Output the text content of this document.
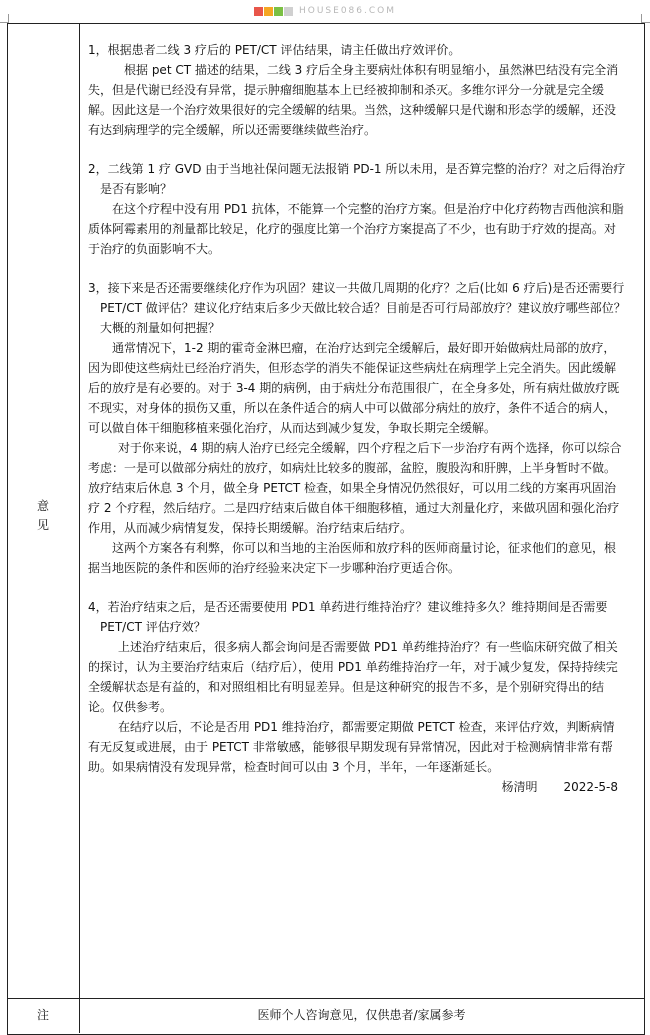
HOUSE086.COM
意
见

1，根据患者二线 3 疗后的 PET/CT 评估结果，请主任做出疗效评价。

根据 pet CT 描述的结果，二线 3 疗后全身主要病灶体积有明显缩小，虽然淋巴结没有完全消失，但是代谢已经没有异常，提示肿瘤细胞基本上已经被抑制和杀灭。多维尔评分一分就是完全缓解。因此这是一个治疗效果很好的完全缓解的结果。当然，这种缓解只是代谢和形态学的缓解，还没有达到病理学的完全缓解，所以还需要继续做些治疗。

2，二线第 1 疗 GVD 由于当地社保问题无法报销 PD-1 所以未用，是否算完整的治疗？对之后得治疗是否有影响？

在这个疗程中没有用 PD1 抗体，不能算一个完整的治疗方案。但是治疗中化疗药物吉西他滨和脂质体阿霉素用的剂量都比较足，化疗的强度比第一个治疗方案提高了不少，也有助于疗效的提高。对于治疗的负面影响不大。

3，接下来是否还需要继续化疗作为巩固？建议一共做几周期的化疗？之后(比如 6 疗后)是否还需要行 PET/CT 做评估？建议化疗结束后多少天做比较合适？目前是否可行局部放疗？建议放疗哪些部位？大概的剂量如何把握？

通常情况下，1-2 期的霍奇金淋巴瘤，在治疗达到完全缓解后，最好即开始做病灶局部的放疗，因为即使这些病灶已经治疗消失，但形态学的消失不能保证这些病灶在病理学上完全消失。因此缓解后的放疗是有必要的。对于 3-4 期的病例，由于病灶分布范围很广，在全身多处，所有病灶做放疗既不现实，对身体的损伤又重，所以在条件适合的病人中可以做部分病灶的放疗，条件不适合的病人，可以做自体干细胞移植来强化治疗，从而达到减少复发，争取长期完全缓解。

对于你来说，4 期的病人治疗已经完全缓解，四个疗程之后下一步治疗有两个选择，你可以综合考虑：一是可以做部分病灶的放疗，如病灶比较多的腹部，盆腔，腹股沟和肝脾，上半身暂时不做。放疗结束后休息 3 个月，做全身 PETCT 检查，如果全身情况仍然很好，可以用二线的方案再巩固治疗 2 个疗程，然后结疗。二是四疗结束后做自体干细胞移植，通过大剂量化疗，来做巩固和强化治疗作用，从而减少病情复发，保持长期缓解。治疗结束后结疗。

这两个方案各有利弊，你可以和当地的主治医师和放疗科的医师商量讨论，征求他们的意见，根据当地医院的条件和医师的治疗经验来决定下一步哪种治疗更适合你。

4，若治疗结束之后，是否还需要使用 PD1 单药进行维持治疗？建议维持多久？维持期间是否需要 PET/CT 评估疗效？

上述治疗结束后，很多病人都会询问是否需要做 PD1 单药维持治疗？有一些临床研究做了相关的探讨，认为主要治疗结束后（结疗后），使用 PD1 单药维持治疗一年，对于减少复发，保持持续完全缓解状态是有益的，和对照组相比有明显差异。但是这种研究的报告不多，是个别研究得出的结论。仅供参考。

在结疗以后，不论是否用 PD1 维持治疗，都需要定期做 PETCT 检查，来评估疗效，判断病情有无反复或进展，由于 PETCT 非常敏感，能够很早期发现有异常情况，因此对于检测病情非常有帮助。如果病情没有发现异常，检查时间可以由 3 个月，半年，一年逐渐延长。

杨清明 2022-5-8

注	医师个人咨询意见，仅供患者/家属参考
